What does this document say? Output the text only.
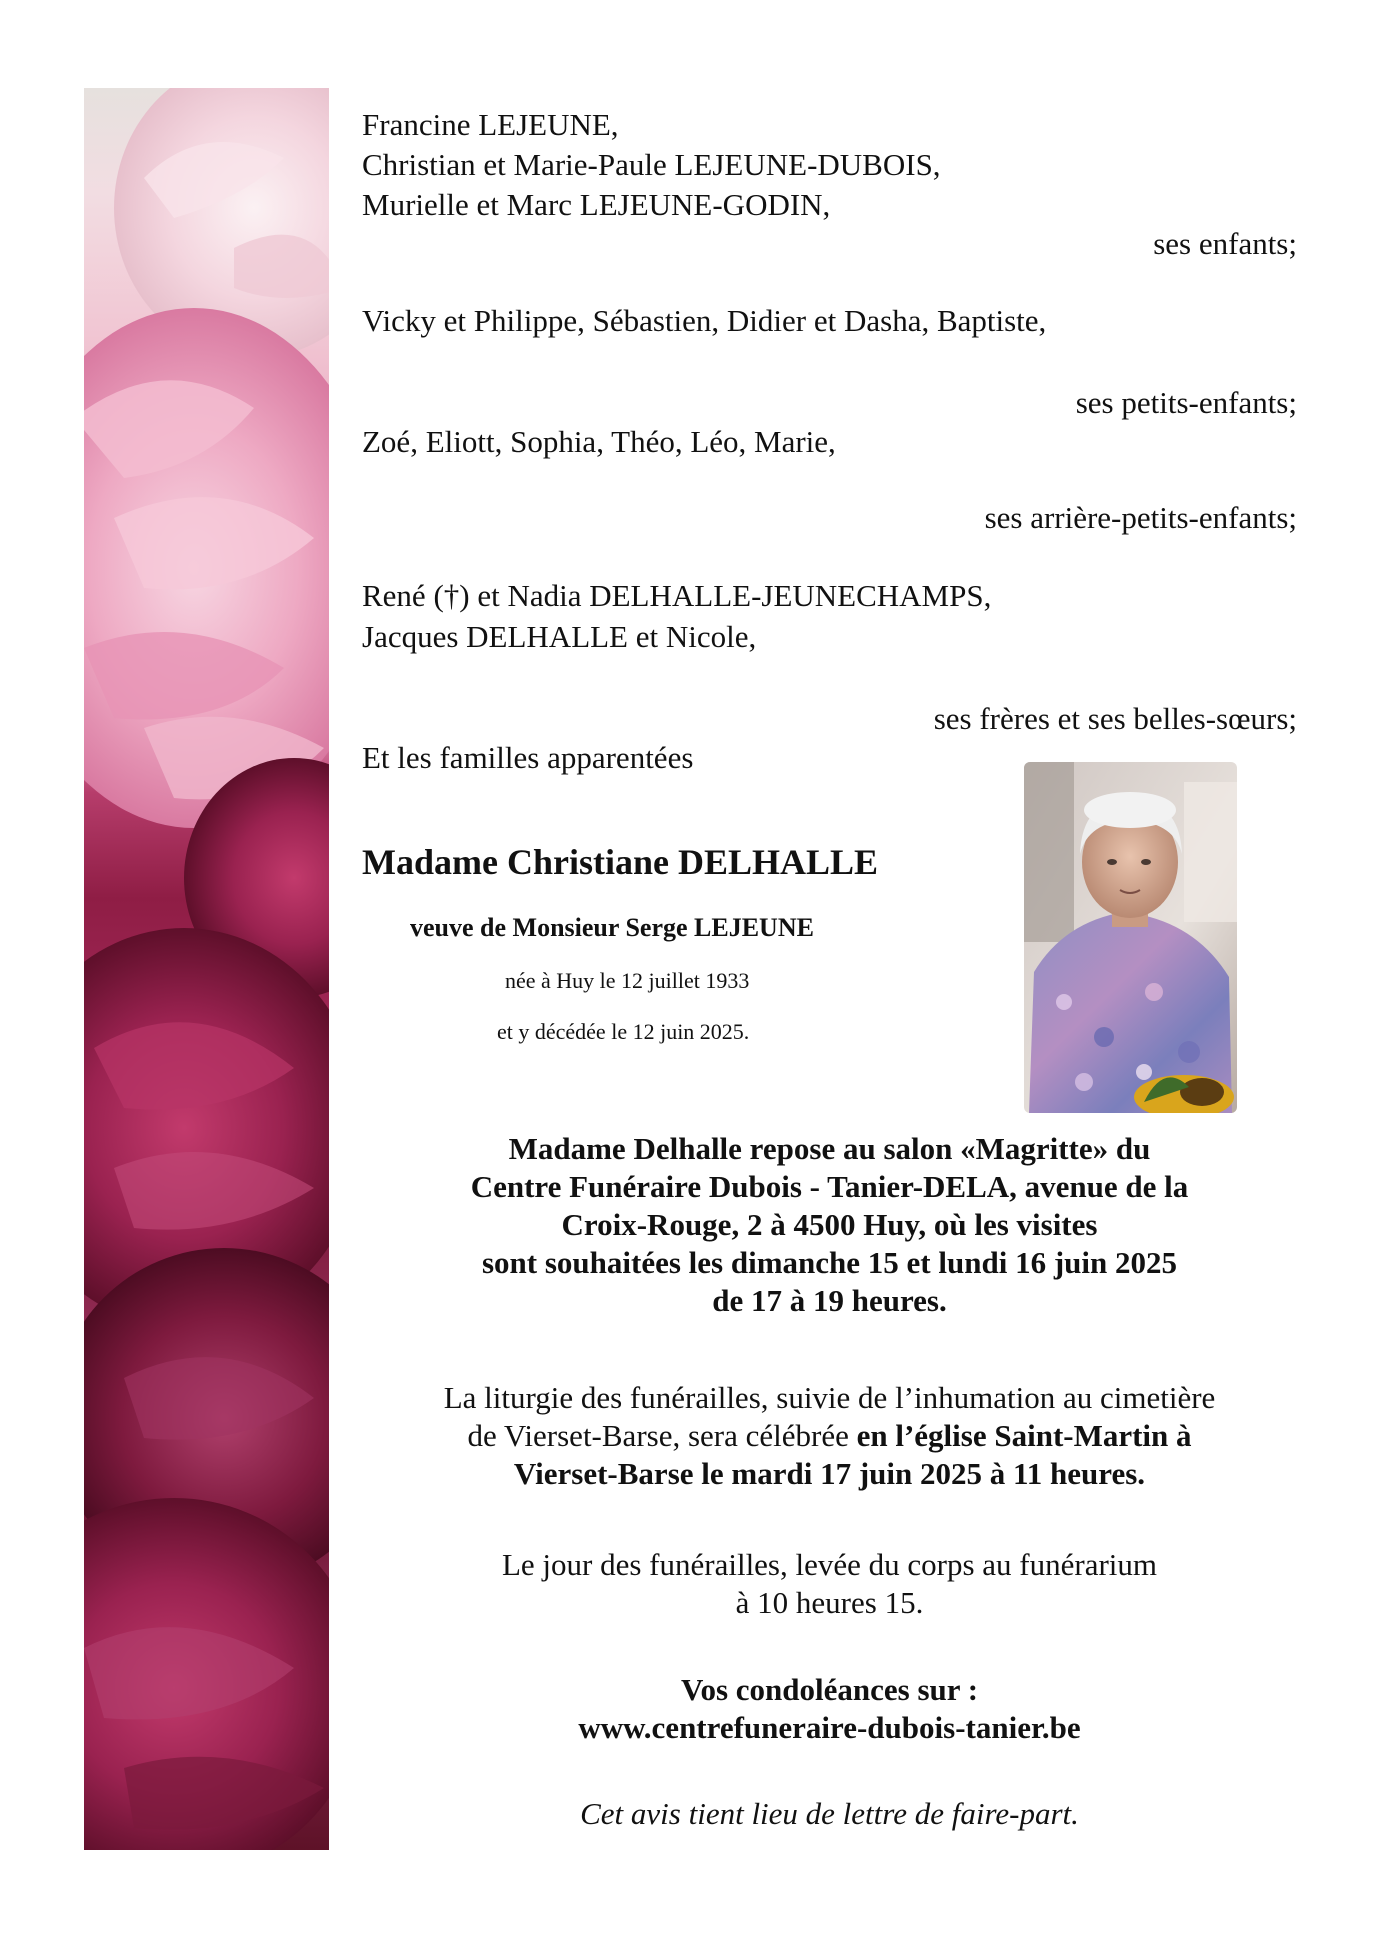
Francine LEJEUNE,
Christian et Marie-Paule LEJEUNE-DUBOIS,
Murielle et Marc LEJEUNE-GODIN,
ses enfants;
Vicky et Philippe, Sébastien, Didier et Dasha, Baptiste,
ses petits-enfants;
Zoé, Eliott, Sophia, Théo, Léo, Marie,
ses arrière-petits-enfants;
René (†) et Nadia DELHALLE-JEUNECHAMPS,
Jacques DELHALLE et Nicole,
ses frères et ses belles-sœurs;
Et les familles apparentées
Madame Christiane DELHALLE
veuve de Monsieur Serge LEJEUNE
née à Huy le 12 juillet 1933
et y décédée le 12 juin 2025.
Madame Delhalle repose au salon «Magritte» du
Centre Funéraire Dubois - Tanier-DELA, avenue de la
Croix-Rouge, 2 à 4500 Huy, où les visites
sont souhaitées les dimanche 15 et lundi 16 juin 2025
de 17 à 19 heures.
La liturgie des funérailles, suivie de l’inhumation au cimetière
de Vierset-Barse, sera célébrée en l’église Saint-Martin à
Vierset-Barse le mardi 17 juin 2025 à 11 heures.
Le jour des funérailles, levée du corps au funérarium
à 10 heures 15.
Vos condoléances sur :
www.centrefuneraire-dubois-tanier.be
Cet avis tient lieu de lettre de faire-part.
